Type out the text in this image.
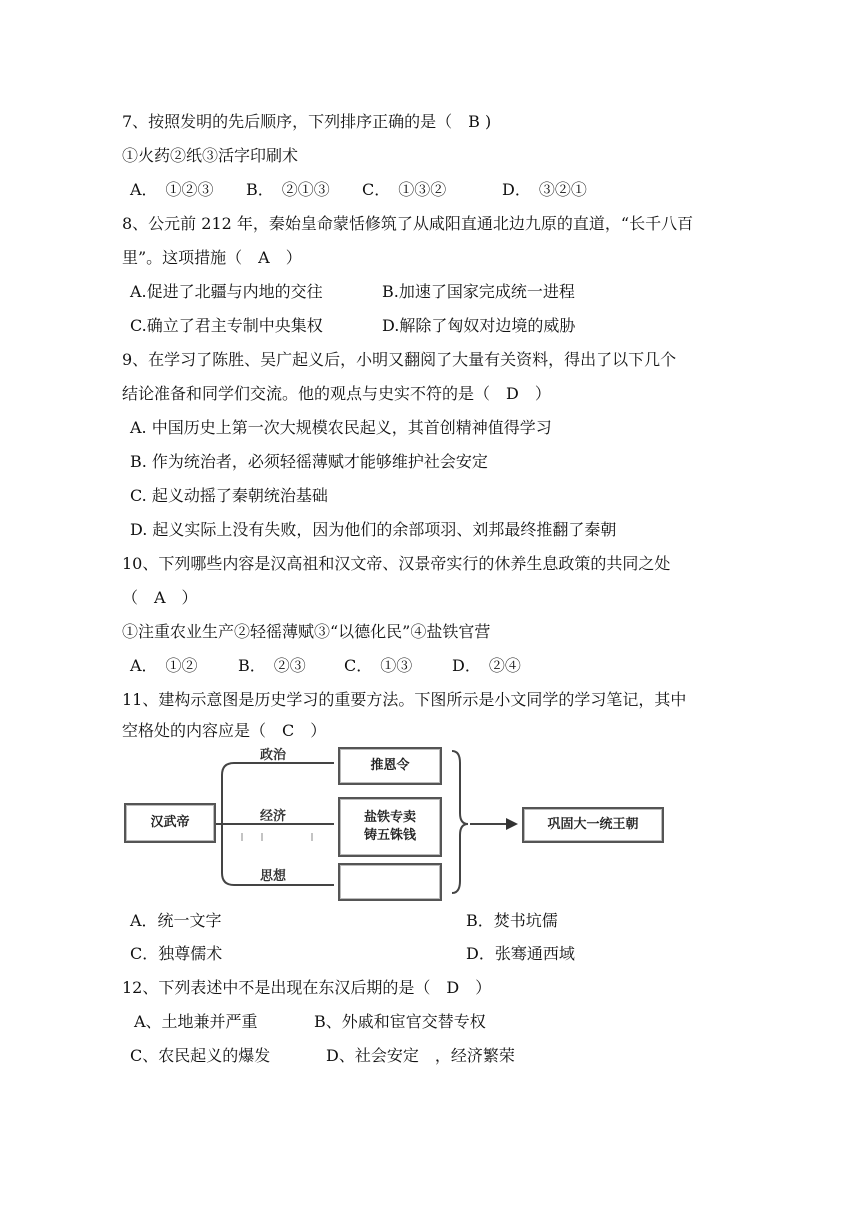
7、按照发明的先后顺序，下列排序正确的是（　B )
①火药②纸③活字印刷术
A．　①②③ B．　②①③ C．　①③②	D．　③②①
8、公元前 212 年，秦始皇命蒙恬修筑了从咸阳直通北边九原的直道，“长千八百
里”。这项措施（　A　）
A.促进了北疆与内地的交往	B.加速了国家完成统一进程
C.确立了君主专制中央集权	D.解除了匈奴对边境的威胁
9、在学习了陈胜、吴广起义后，小明又翻阅了大量有关资料，得出了以下几个
结论准备和同学们交流。他的观点与史实不符的是（　D　）
A. 中国历史上第一次大规模农民起义，其首创精神值得学习
B. 作为统治者，必须轻徭薄赋才能够维护社会安定
C. 起义动摇了秦朝统治基础
D. 起义实际上没有失败，因为他们的余部项羽、刘邦最终推翻了秦朝
10、下列哪些内容是汉高祖和汉文帝、汉景帝实行的休养生息政策的共同之处
（　A　）
①注重农业生产②轻徭薄赋③“以德化民”④盐铁官营
A．　①②	B．　②③ C．　①③ D．　②④
11、建构示意图是历史学习的重要方法。下图所示是小文同学的学习笔记，其中
空格处的内容应是（　C　）
汉武帝
政治
经济
思想
推恩令
盐铁专卖
铸五铢钱
巩固大一统王朝
A．统一文字	B．焚书坑儒
C．独尊儒术	D．张骞通西域
12、下列表述中不是出现在东汉后期的是（　D　）
A、土地兼并严重	B、外戚和宦官交替专权
C、农民起义的爆发	D、社会安定　，经济繁荣
